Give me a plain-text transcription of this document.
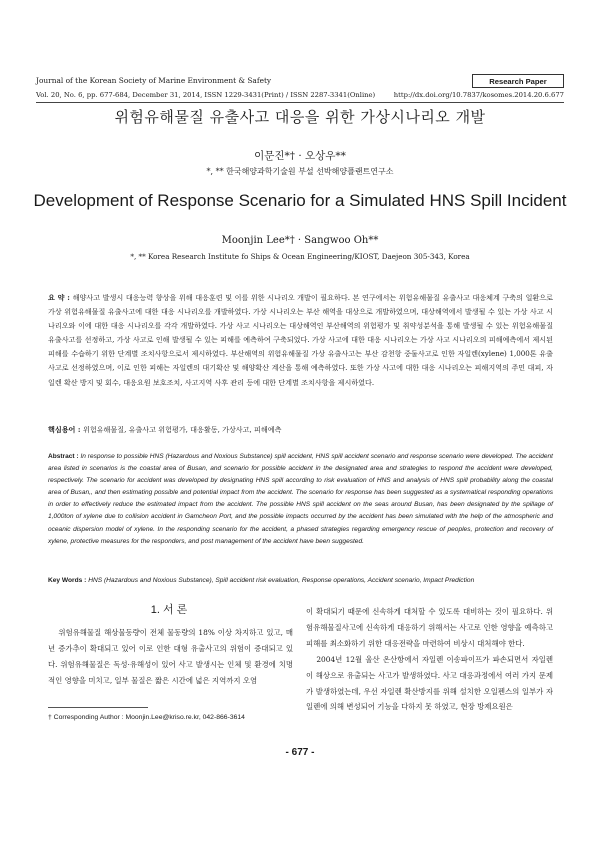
Journal of the Korean Society of Marine Environment & Safety	Research Paper
Vol. 20, No. 6, pp. 677-684, December 31, 2014, ISSN 1229-3431(Print) / ISSN 2287-3341(Online)	http://dx.doi.org/10.7837/kosomes.2014.20.6.677
위험유해물질 유출사고 대응을 위한 가상시나리오 개발
이문진*† · 오상우**
*, ** 한국해양과학기술원 부설 선박해양플랜트연구소
Development of Response Scenario for a Simulated HNS Spill Incident
Moonjin Lee*† · Sangwoo Oh**
*, ** Korea Research Institute fo Ships & Ocean Engineering/KIOST, Daejeon 305-343, Korea
요 약 : 해양사고 발생시 대응능력 향상을 위해 대응훈련 및 이를 위한 시나리오 개발이 필요하다. 본 연구에서는 위험유해물질 유출사고 대응체계 구축의 일환으로 가상 위험유해물질 유출사고에 대한 대응 시나리오를 개발하였다. 가상 시나리오는 부산 해역을 대상으로 개발하였으며, 대상해역에서 발생될 수 있는 가상 사고 시나리오와 이에 대한 대응 시나리오를 각각 개발하였다. 가상 사고 시나리오는 대상해역인 부산해역의 위험평가 및 취약성분석을 통해 발생될 수 있는 위험유해물질 유출사고를 선정하고, 가상 사고로 인해 발생될 수 있는 피해를 예측하여 구축되었다. 가상 사고에 대한 대응 시나리오는 가상 사고 시나리오의 피해예측에서 제시된 피해를 수습하기 위한 단계별 조치사항으로서 제시하였다. 부산해역의 위험유해물질 가상 유출사고는 부산 감천항 중둘사고로 인한 자일렌(xylene) 1,000톤 유출사고로 선정하였으며, 이로 인한 피해는 자일렌의 대기확산 및 해양확산 계산을 통해 예측하였다. 또한 가상 사고에 대한 대응 시나리오는 피해지역의 주민 대피, 자일렌 확산 방지 및 회수, 대응요원 보호조치, 사고지역 사후 관리 등에 대한 단계별 조치사항을 제시하였다.
핵심용어 : 위험유해물질, 유출사고 위험평가, 대응활동, 가상사고, 피해예측
Abstract : In response to possible HNS (Hazardous and Noxious Substance) spill accident, HNS spill accident scenario and response scenario were developed. The accident area listed in scenarios is the coastal area of Busan, and scenario for possible accident in the designated area and strategies to respond the accident were developed, respectively. The scenario for accident was developed by designating HNS spill according to risk evaluation of HNS and analysis of HNS spill probability along the coastal area of Busan,, and then estimating possible and potential impact from the accident. The scenario for response has been suggested as a systematical responding operations in order to effectively reduce the estimated impact from the accident. The possible HNS spill accident on the seas around Busan, has been designated by the spillage of 1,000ton of xylene due to collision accident in Gamcheon Port, and the possible impacts occurred by the accident has been simulated with the help of the atmospheric and oceanic dispersion model of xylene. In the responding scenario for the accident, a phased strategies regarding emergency rescue of peoples, protection and recovery of xylene, protective measures for the responders, and post management of the accident have been suggested.
Key Words : HNS (Hazardous and Noxious Substance), Spill accident risk evaluation, Response operations, Accident scenario, Impact Prediction
1. 서 론

위험유해물질 해상물동량이 전체 물동량의 18% 이상 차지하고 있고, 매년 증가추이 확대되고 있어 이로 인한 대형 유출사고의 위험이 증대되고 있다. 위험유해물질은 독성·유해성이 있어 사고 발생시는 인체 및 환경에 치명적인 영향을 미치고, 일부 물질은 짧은 시간에 넓은 지역까지 오염

이 확대되기 때문에 신속하게 대처할 수 있도록 대비하는 것이 필요하다. 위험유해물질사고에 신속하게 대응하기 위해서는 사고로 인한 영향을 예측하고 피해를 최소화하기 위한 대응전략을 마련하여 비상시 대처해야 한다.

2004년 12월 울산 온산항에서 자일렌 이송파이프가 파손되면서 자일렌이 해상으로 유출되는 사고가 발생하였다. 사고 대응과정에서 여러 가지 문제가 발생하였는데, 우선 자일렌 확산방지를 위해 설치한 오일펜스의 일부가 자일렌에 의해 변성되어 기능을 다하지 못 하였고, 현장 방제요원은

† Corresponding Author : Moonjin.Lee@kriso.re.kr, 042-866-3614
- 677 -
